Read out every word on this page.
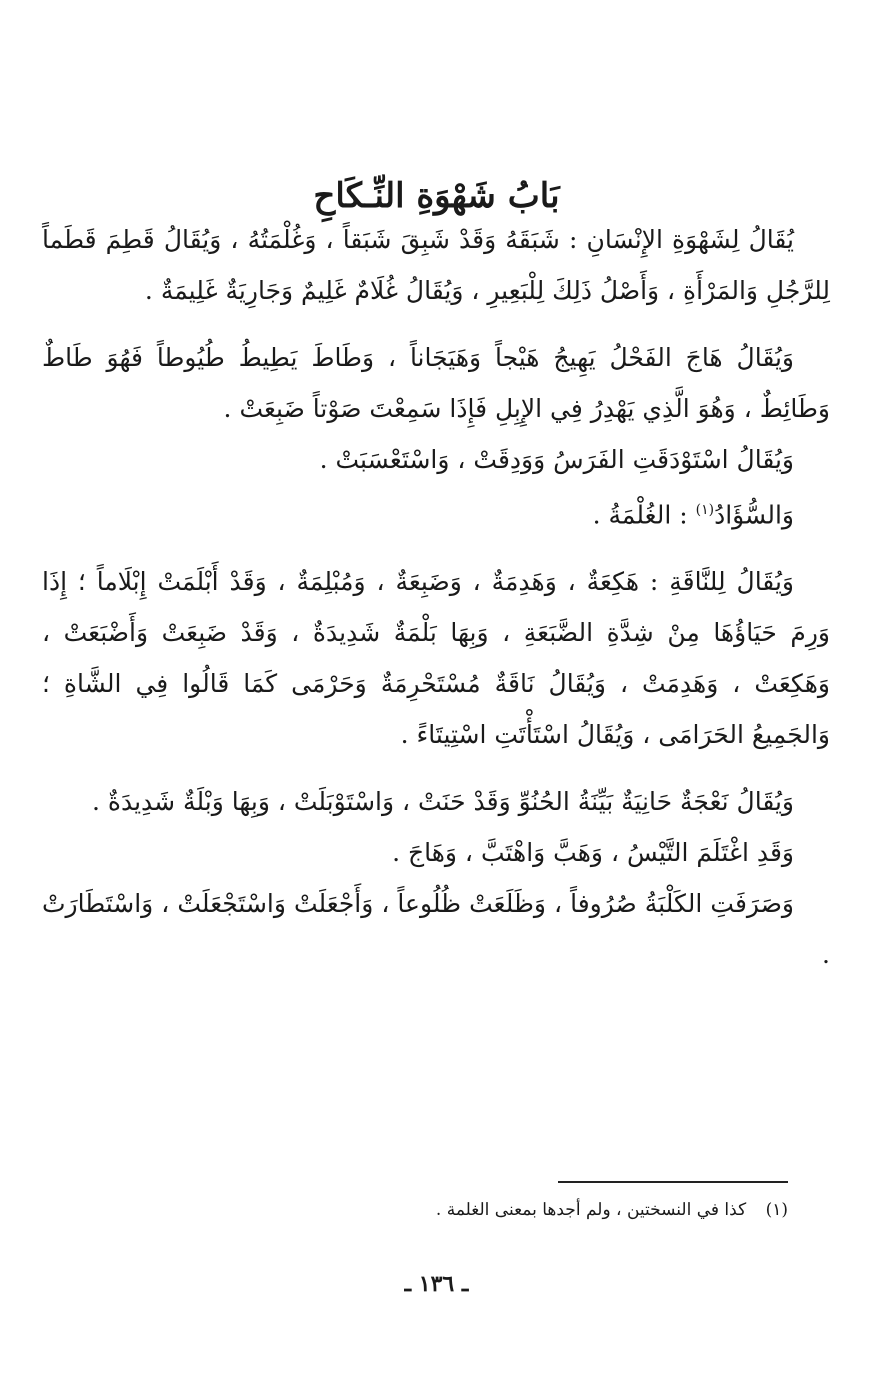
بَابُ شَهْوَةِ النِّـكَاحِ

يُقَالُ لِشَهْوَةِ الإِنْسَانِ : شَبَقَهُ وَقَدْ شَبِقَ شَبَقاً ، وَغُلْمَتُهُ ، وَيُقَالُ قَطِمَ قَطَماً لِلرَّجُلِ وَالمَرْأَةِ ، وَأَصْلُ ذَلِكَ لِلْبَعِيرِ ، وَيُقَالُ غُلَامٌ غَلِيمٌ وَجَارِيَةٌ غَلِيمَةٌ .

وَيُقَالُ هَاجَ الفَحْلُ يَهِيجُ هَيْجاً وَهَيَجَاناً ، وَطَاطَ يَطِيطُ طُيُوطاً فَهُوَ طَاطٌ وَطَائِطٌ ، وَهُوَ الَّذِي يَهْدِرُ فِي الإِبِلِ فَإِذَا سَمِعْتَ صَوْتاً ضَبِعَتْ .

وَيُقَالُ اسْتَوْدَقَتِ الفَرَسُ وَوَدِقَتْ ، وَاسْتَعْسَبَتْ .

وَالسُّؤَادُ$^{(١)}$ : الغُلْمَةُ .

وَيُقَالُ لِلنَّاقَةِ : هَكِعَةٌ ، وَهَدِمَةٌ ، وَضَبِعَةٌ ، وَمُبْلِمَةٌ ، وَقَدْ أَبْلَمَتْ إِبْلَاماً ؛ إِذَا وَرِمَ حَيَاؤُهَا مِنْ شِدَّةِ الضَّبَعَةِ ، وَبِهَا بَلْمَةٌ شَدِيدَةٌ ، وَقَدْ ضَبِعَتْ وَأَضْبَعَتْ ، وَهَكِعَتْ ، وَهَدِمَتْ ، وَيُقَالُ نَاقَةٌ مُسْتَحْرِمَةٌ وَحَرْمَى كَمَا قَالُوا فِي الشَّاةِ ؛ وَالجَمِيعُ الحَرَامَى ، وَيُقَالُ اسْتَأْتَتِ اسْتِيتَاءً .

وَيُقَالُ نَعْجَةٌ حَانِيَةٌ بَيِّنَةُ الحُنُوِّ وَقَدْ حَنَتْ ، وَاسْتَوْبَلَتْ ، وَبِهَا وَبْلَةٌ شَدِيدَةٌ .

وَقَدِ اغْتَلَمَ التَّيْسُ ، وَهَبَّ وَاهْتَبَّ ، وَهَاجَ .

وَصَرَفَتِ الكَلْبَةُ صُرُوفاً ، وَظَلَعَتْ ظُلُوعاً ، وَأَجْعَلَتْ وَاسْتَجْعَلَتْ ، وَاسْتَطَارَتْ .

(١) كذا في النسختين ، ولم أجدها بمعنى الغلمة .
ـ ١٣٦ ـ
